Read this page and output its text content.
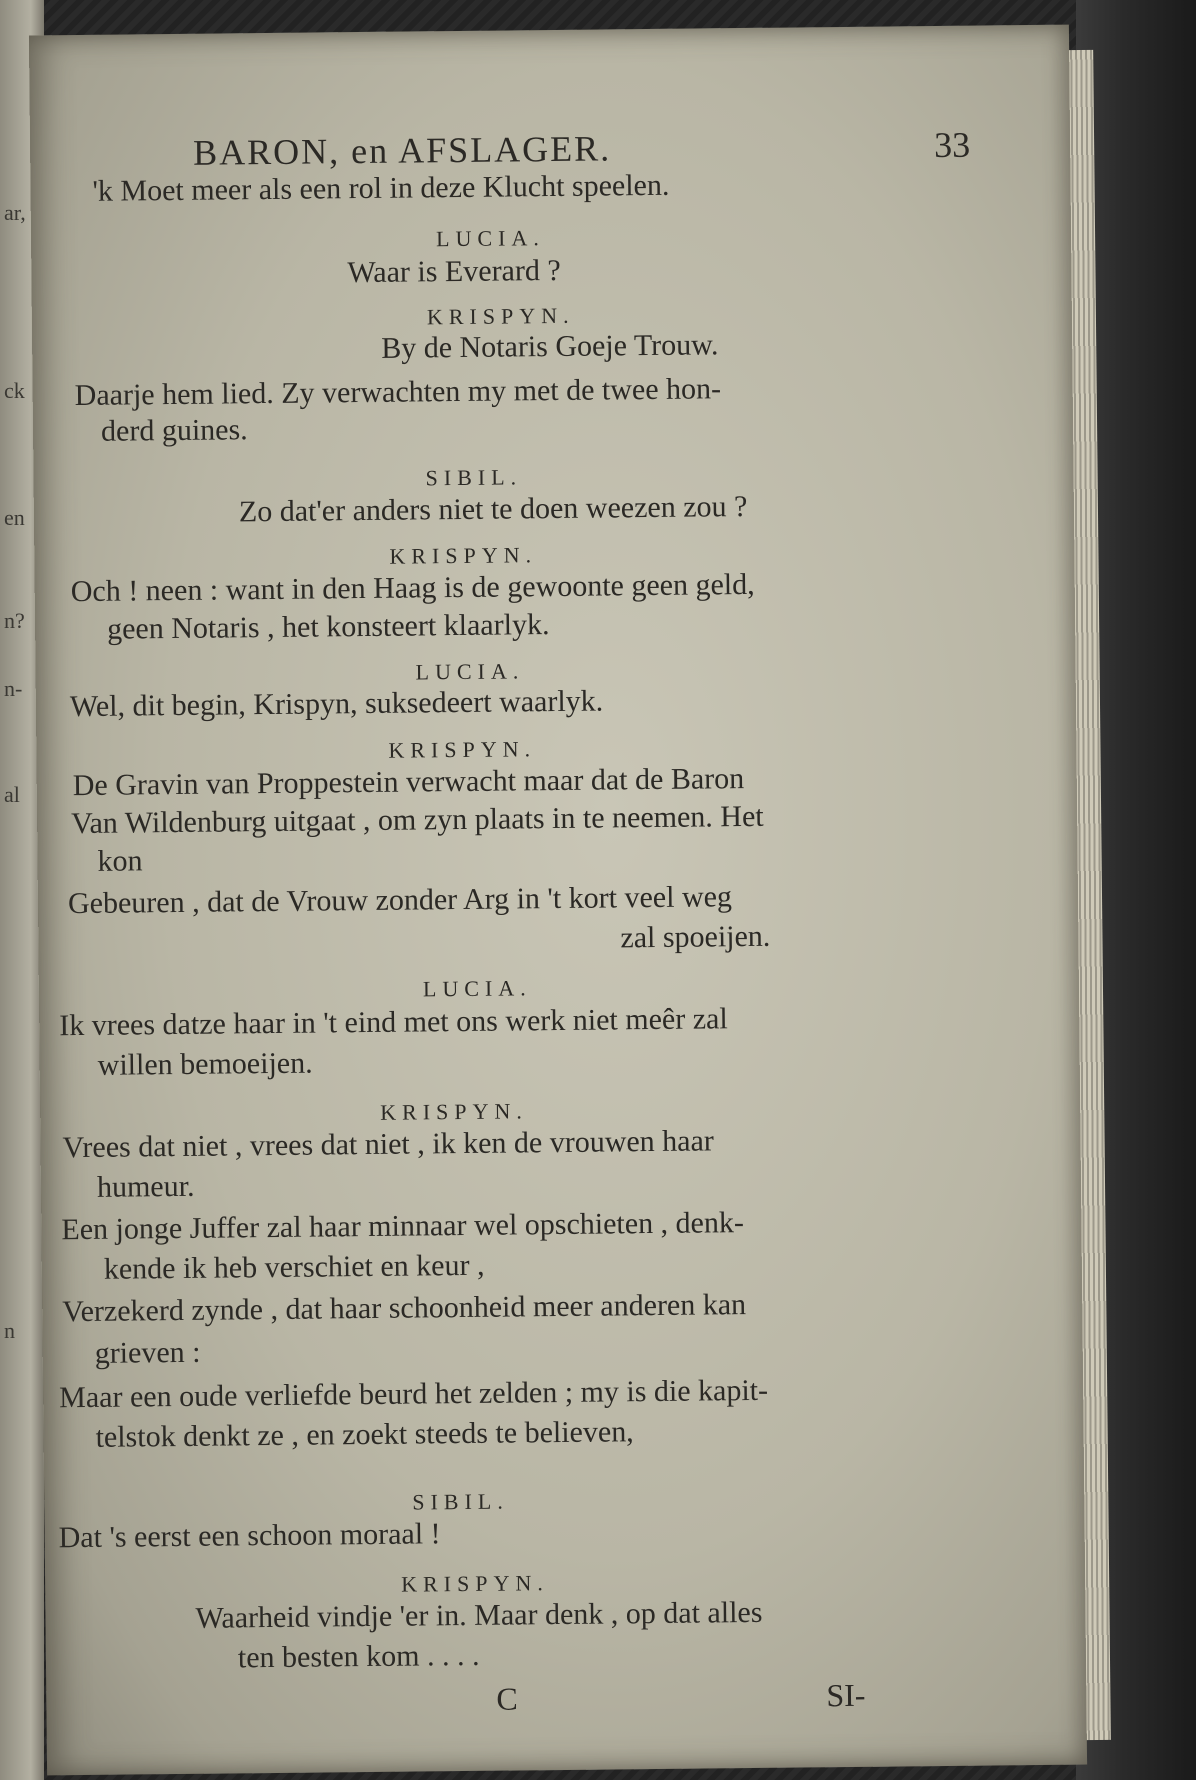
ar,
ck
en
n?
n-
al
n
BARON, en AFSLAGER.	33
'k Moet meer als een rol in deze Klucht speelen.
LUCIA.
Waar is Everard ?
KRISPYN.
By de Notaris Goeje Trouw.
Daarje hem lied. Zy verwachten my met de twee hon-
derd guines.
SIBIL.
Zo dat'er anders niet te doen weezen zou ?
KRISPYN.
Och ! neen : want in den Haag is de gewoonte geen geld,
geen Notaris , het konsteert klaarlyk.
LUCIA.
Wel, dit begin, Krispyn, suksedeert waarlyk.
KRISPYN.
De Gravin van Proppestein verwacht maar dat de Baron
Van Wildenburg uitgaat , om zyn plaats in te neemen. Het
kon
Gebeuren , dat de Vrouw zonder Arg in 't kort veel weg
zal spoeijen.
LUCIA.
Ik vrees datze haar in 't eind met ons werk niet meêr zal
willen bemoeijen.
KRISPYN.
Vrees dat niet , vrees dat niet , ik ken de vrouwen haar
humeur.
Een jonge Juffer zal haar minnaar wel opschieten , denk-
kende ik heb verschiet en keur ,
Verzekerd zynde , dat haar schoonheid meer anderen kan
grieven :
Maar een oude verliefde beurd het zelden ; my is die kapit-
telstok denkt ze , en zoekt steeds te believen,
SIBIL.
Dat 's eerst een schoon moraal !
KRISPYN.
Waarheid vindje 'er in. Maar denk , op dat alles
ten besten kom . . . .
C	SI-
